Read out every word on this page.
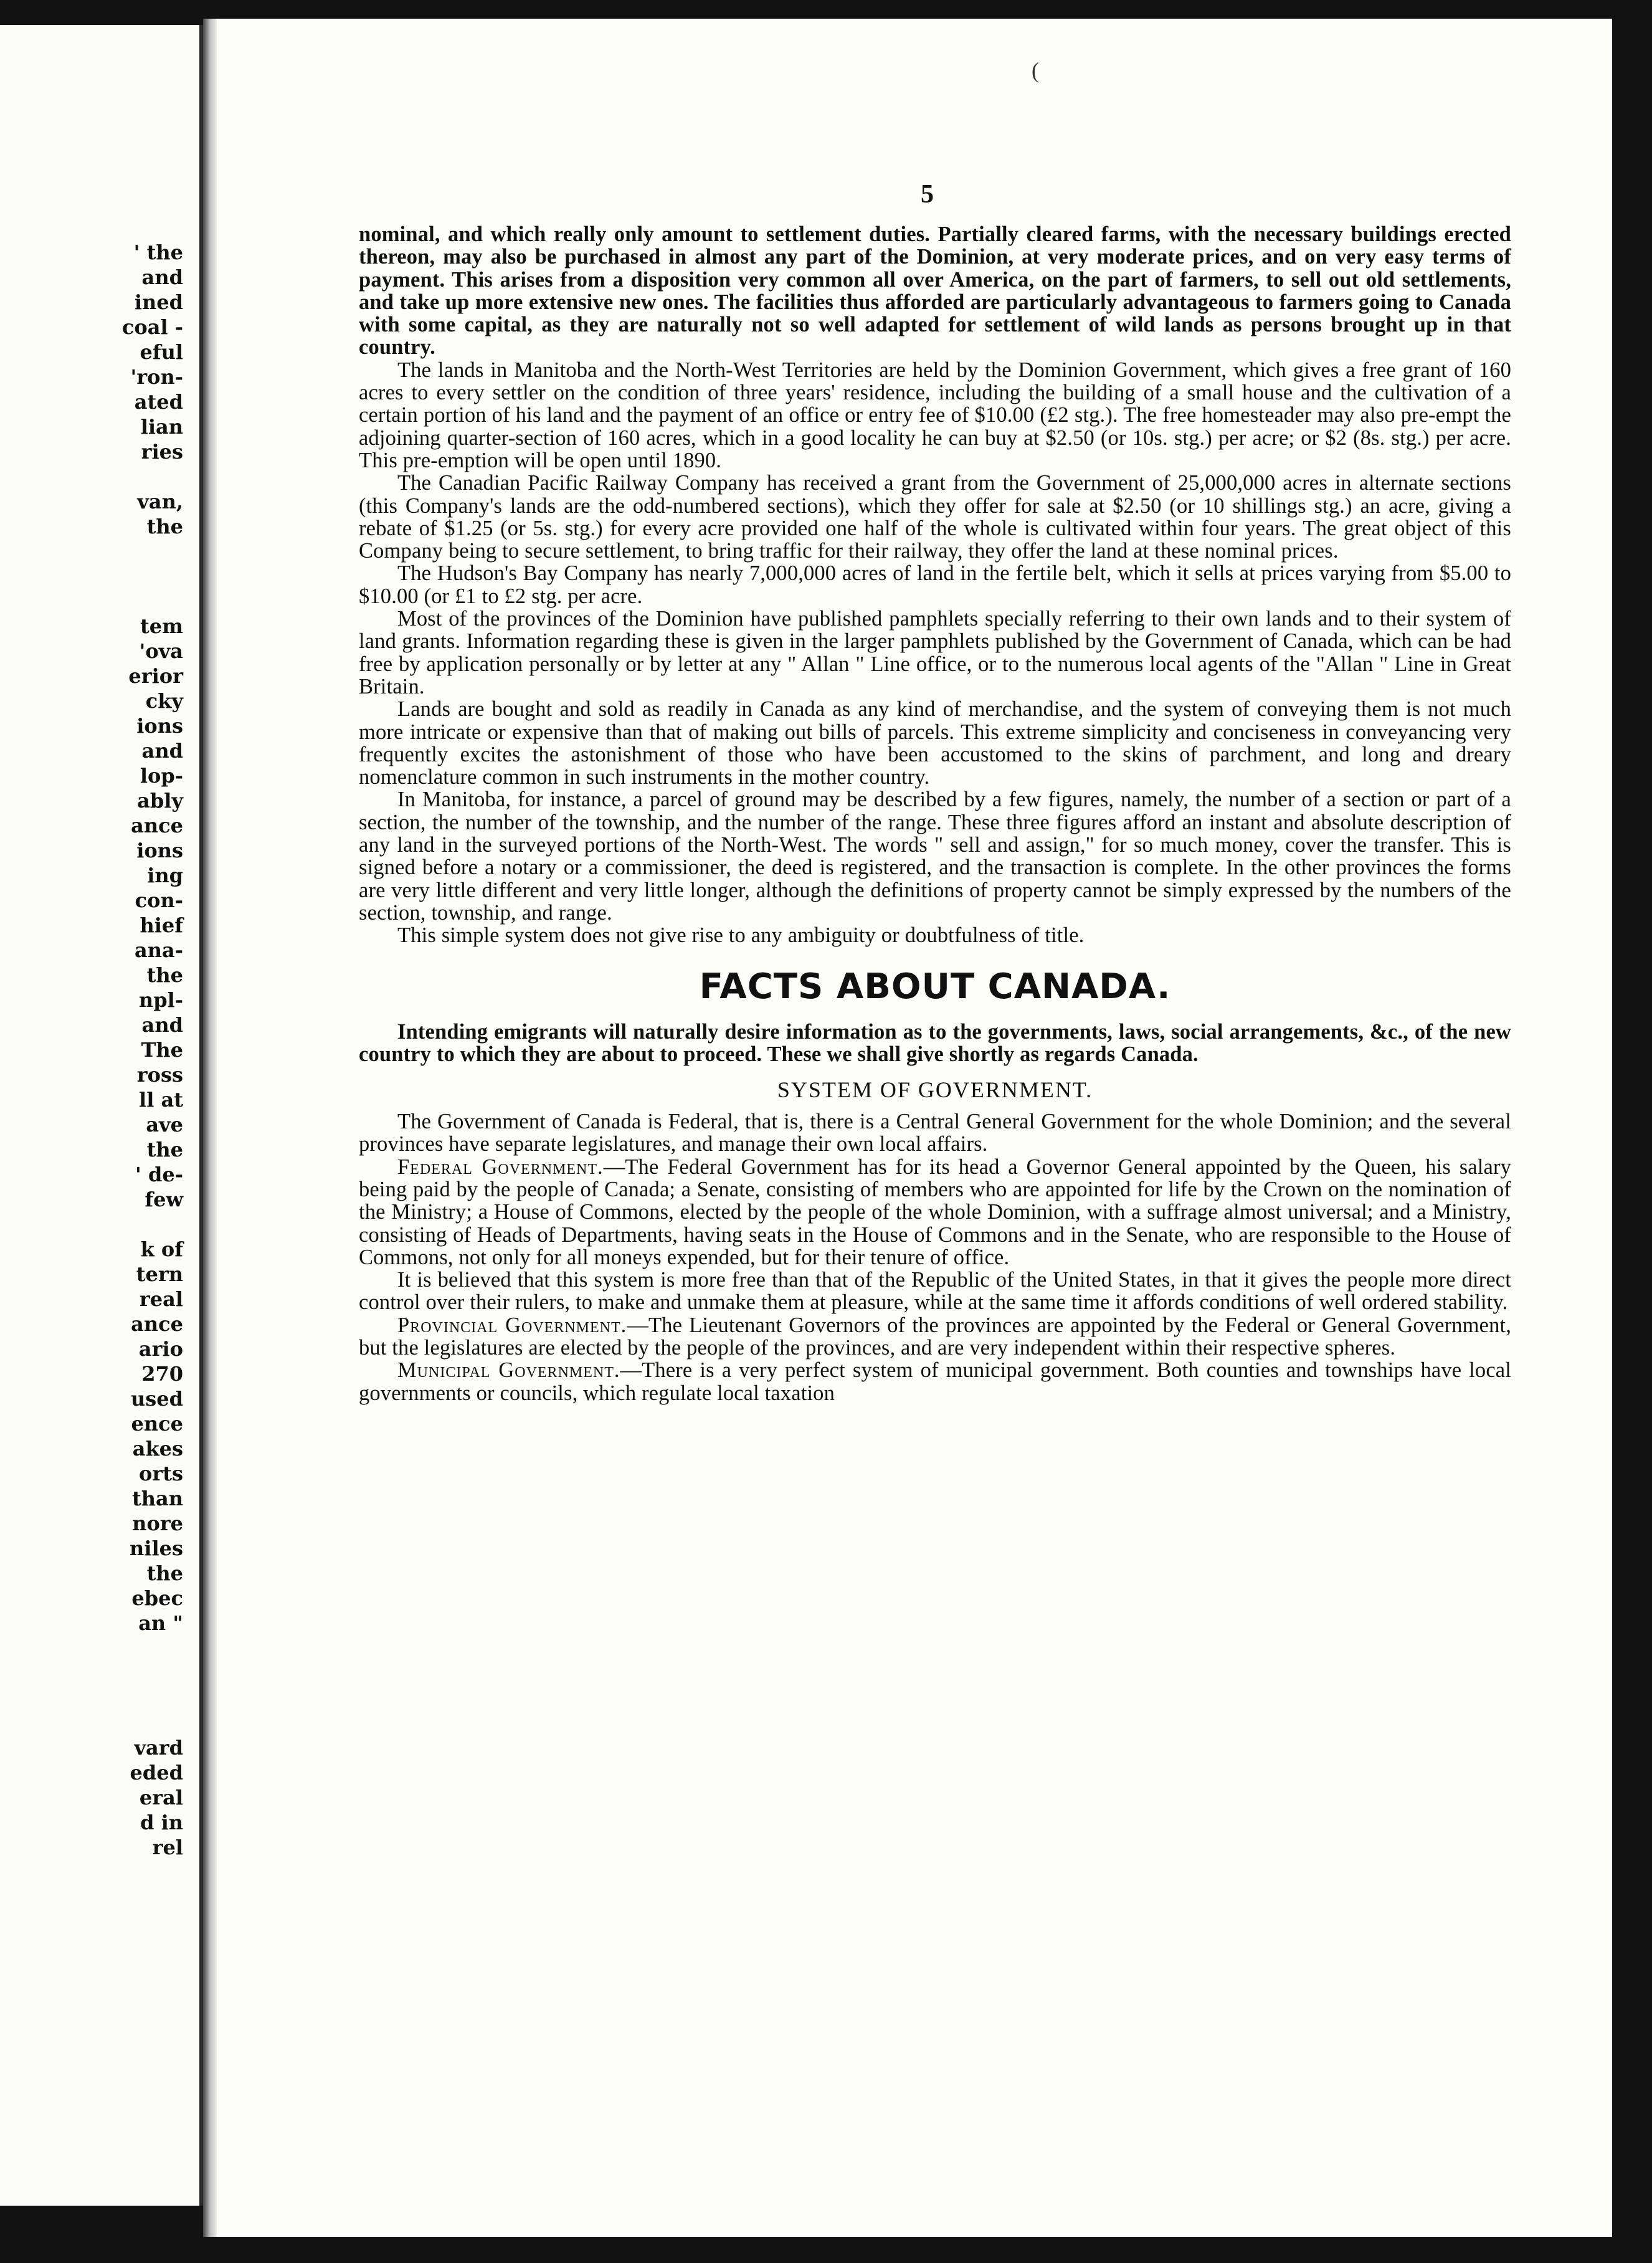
' the
and
ined
coal -
eful
'ron-
ated
lian
ries
van,
the
tem
'ova
erior
cky
ions
and
lop-
ably
ance
ions
ing
con-
hief
ana-
the
npl-
and
The
ross
ll at
ave
the
' de-
few
k of
tern
real
ance
ario
270
used
ence
akes
orts
than
nore
niles
the
ebec
an "
vard
eded
eral
d in
rel
(
5

nominal, and which really only amount to settlement duties. Partially cleared farms, with the necessary buildings erected thereon, may also be purchased in almost any part of the Dominion, at very moderate prices, and on very easy terms of payment. This arises from a disposition very common all over America, on the part of farmers, to sell out old settlements, and take up more extensive new ones. The facilities thus afforded are particularly advantageous to farmers going to Canada with some capital, as they are naturally not so well adapted for settlement of wild lands as persons brought up in that country.

The lands in Manitoba and the North-West Territories are held by the Dominion Government, which gives a free grant of 160 acres to every settler on the condition of three years' residence, including the building of a small house and the cultivation of a certain portion of his land and the payment of an office or entry fee of $10.00 (£2 stg.). The free homesteader may also pre-empt the adjoining quarter-section of 160 acres, which in a good locality he can buy at $2.50 (or 10s. stg.) per acre; or $2 (8s. stg.) per acre. This pre-emption will be open until 1890.

The Canadian Pacific Railway Company has received a grant from the Government of 25,000,000 acres in alternate sections (this Company's lands are the odd-numbered sections), which they offer for sale at $2.50 (or 10 shillings stg.) an acre, giving a rebate of $1.25 (or 5s. stg.) for every acre provided one half of the whole is cultivated within four years. The great object of this Company being to secure settlement, to bring traffic for their railway, they offer the land at these nominal prices.

The Hudson's Bay Company has nearly 7,000,000 acres of land in the fertile belt, which it sells at prices varying from $5.00 to $10.00 (or £1 to £2 stg. per acre.

Most of the provinces of the Dominion have published pamphlets specially referring to their own lands and to their system of land grants. Information regarding these is given in the larger pamphlets published by the Government of Canada, which can be had free by application personally or by letter at any " Allan " Line office, or to the numerous local agents of the "Allan " Line in Great Britain.

Lands are bought and sold as readily in Canada as any kind of merchandise, and the system of conveying them is not much more intricate or expensive than that of making out bills of parcels. This extreme simplicity and conciseness in conveyancing very frequently excites the astonishment of those who have been accustomed to the skins of parchment, and long and dreary nomenclature common in such instruments in the mother country.

In Manitoba, for instance, a parcel of ground may be described by a few figures, namely, the number of a section or part of a section, the number of the township, and the number of the range. These three figures afford an instant and absolute description of any land in the surveyed portions of the North-West. The words " sell and assign," for so much money, cover the transfer. This is signed before a notary or a commissioner, the deed is registered, and the transaction is complete. In the other provinces the forms are very little different and very little longer, although the definitions of property cannot be simply expressed by the numbers of the section, township, and range.

This simple system does not give rise to any ambiguity or doubtfulness of title.

FACTS ABOUT CANADA.

Intending emigrants will naturally desire information as to the governments, laws, social arrangements, &c., of the new country to which they are about to proceed. These we shall give shortly as regards Canada.

SYSTEM OF GOVERNMENT.

The Government of Canada is Federal, that is, there is a Central General Government for the whole Dominion; and the several provinces have separate legislatures, and manage their own local affairs.

Federal Government.—The Federal Government has for its head a Governor General appointed by the Queen, his salary being paid by the people of Canada; a Senate, consisting of members who are appointed for life by the Crown on the nomination of the Ministry; a House of Commons, elected by the people of the whole Dominion, with a suffrage almost universal; and a Ministry, consisting of Heads of Departments, having seats in the House of Commons and in the Senate, who are responsible to the House of Commons, not only for all moneys expended, but for their tenure of office.

It is believed that this system is more free than that of the Republic of the United States, in that it gives the people more direct control over their rulers, to make and unmake them at pleasure, while at the same time it affords conditions of well ordered stability.

Provincial Government.—The Lieutenant Governors of the provinces are appointed by the Federal or General Government, but the legislatures are elected by the people of the provinces, and are very independent within their respective spheres.

Municipal Government.—There is a very perfect system of municipal government. Both counties and townships have local governments or councils, which regulate local taxation
